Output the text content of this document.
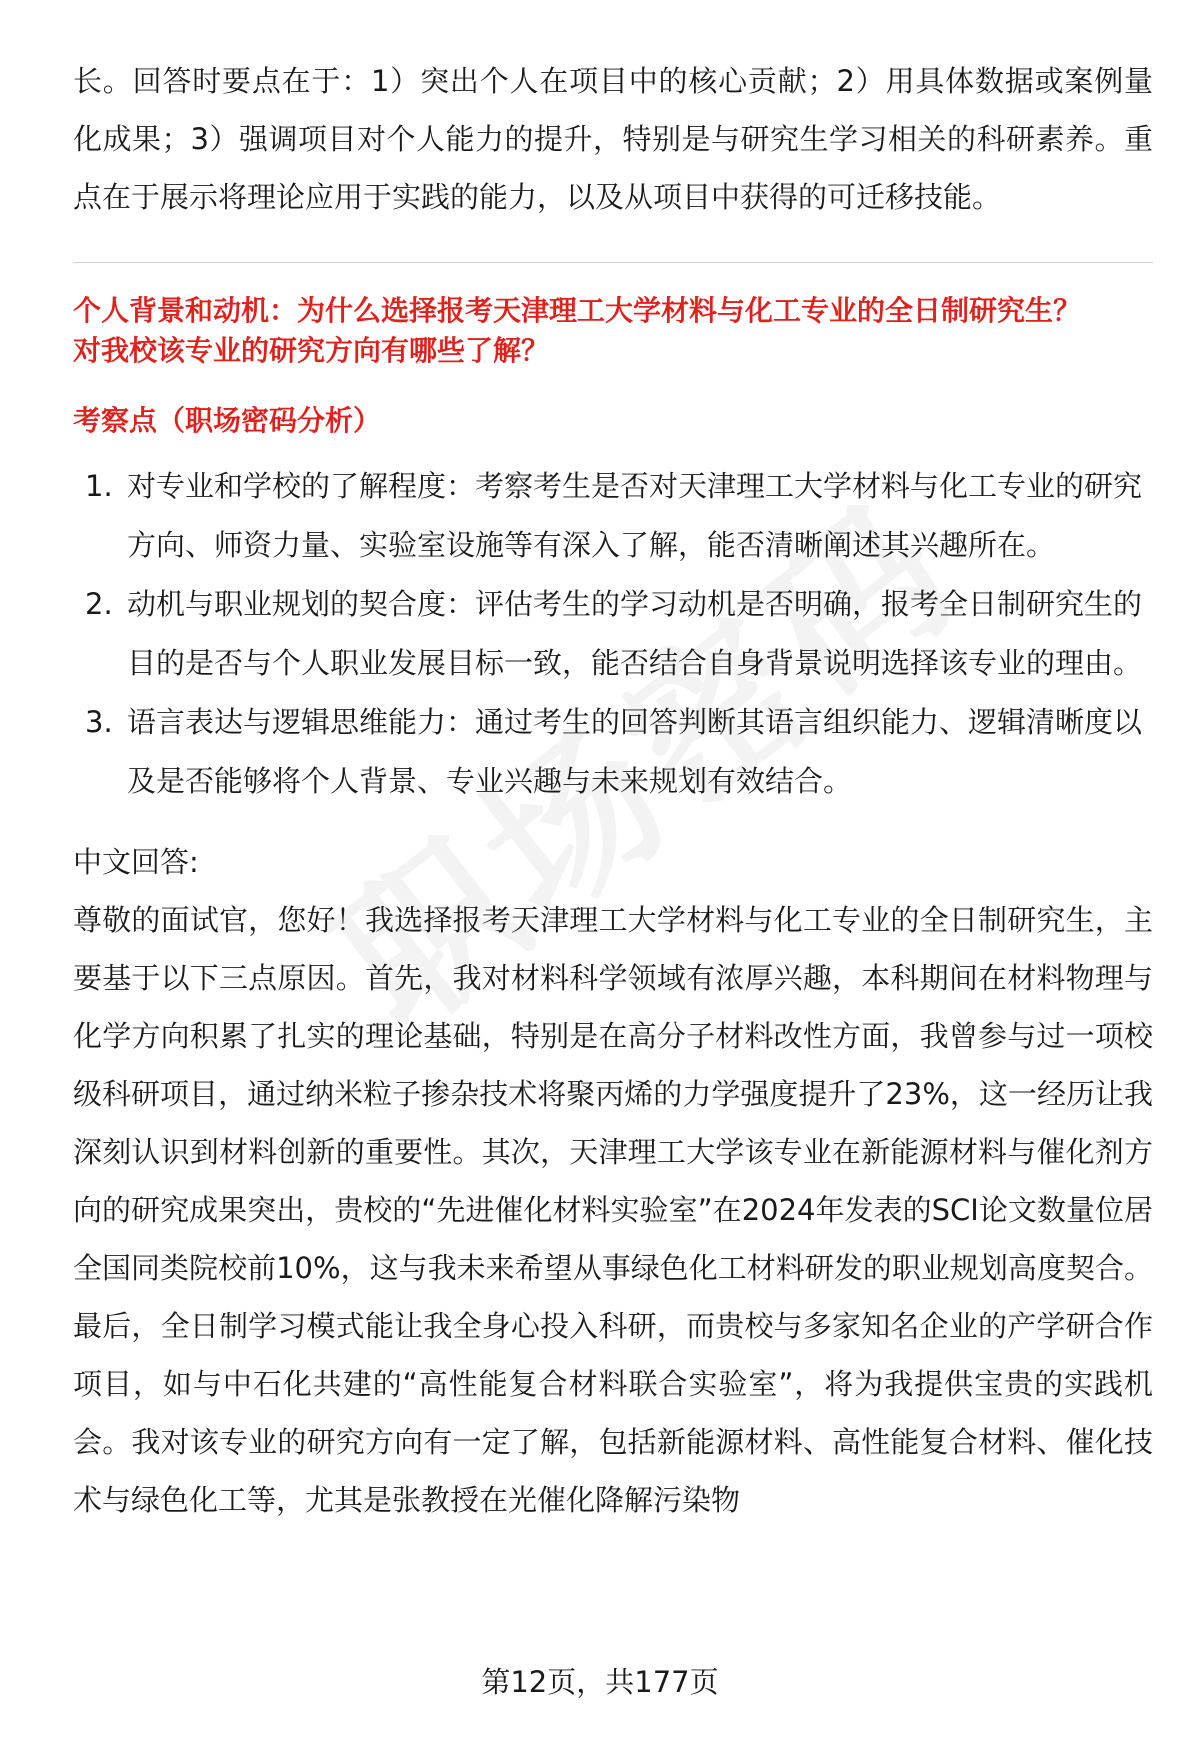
长。回答时要点在于：1）突出个人在项目中的核心贡献；2）用具体数据或案例量化成果；3）强调项目对个人能力的提升，特别是与研究生学习相关的科研素养。重点在于展示将理论应用于实践的能力，以及从项目中获得的可迁移技能。

个人背景和动机：为什么选择报考天津理工大学材料与化工专业的全日制研究生？

对我校该专业的研究方向有哪些了解？

考察点（职场密码分析）

1. 对专业和学校的了解程度：考察考生是否对天津理工大学材料与化工专业的研究方向、师资力量、实验室设施等有深入了解，能否清晰阐述其兴趣所在。
2. 动机与职业规划的契合度：评估考生的学习动机是否明确，报考全日制研究生的目的是否与个人职业发展目标一致，能否结合自身背景说明选择该专业的理由。
3. 语言表达与逻辑思维能力：通过考生的回答判断其语言组织能力、逻辑清晰度以及是否能够将个人背景、专业兴趣与未来规划有效结合。

中文回答:

尊敬的面试官，您好！我选择报考天津理工大学材料与化工专业的全日制研究生，主要基于以下三点原因。首先，我对材料科学领域有浓厚兴趣，本科期间在材料物理与化学方向积累了扎实的理论基础，特别是在高分子材料改性方面，我曾参与过一项校级科研项目，通过纳米粒子掺杂技术将聚丙烯的力学强度提升了23%，这一经历让我深刻认识到材料创新的重要性。其次，天津理工大学该专业在新能源材料与催化剂方向的研究成果突出，贵校的“先进催化材料实验室”在2024年发表的SCI论文数量位居全国同类院校前10%，这与我未来希望从事绿色化工材料研发的职业规划高度契合。最后，全日制学习模式能让我全身心投入科研，而贵校与多家知名企业的产学研合作项目，如与中石化共建的“高性能复合材料联合实验室”，将为我提供宝贵的实践机会。我对该专业的研究方向有一定了解，包括新能源材料、高性能复合材料、催化技术与绿色化工等，尤其是张教授在光催化降解污染物

第12页，共177页
